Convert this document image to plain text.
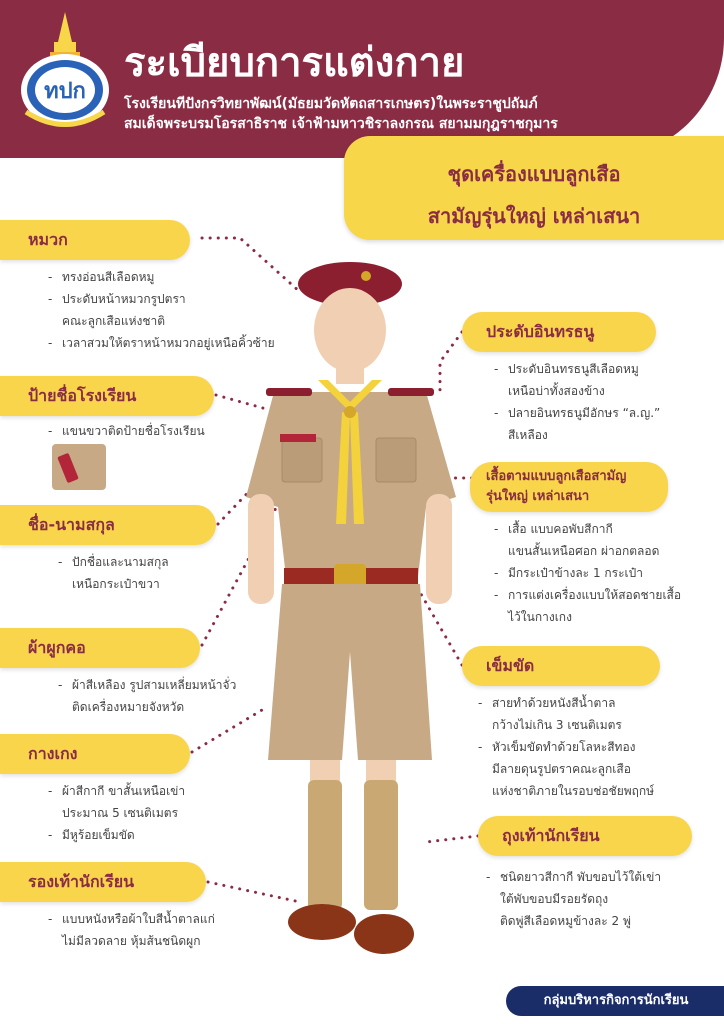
ทปก
ระเบียบการแต่งกาย
โรงเรียนทีปังกรวิทยาพัฒน์(มัธยมวัดหัตถสารเกษตร)ในพระราชูปถัมภ์
สมเด็จพระบรมโอรสาธิราช เจ้าฟ้ามหาวชิราลงกรณ สยามมกุฎราชกุมาร
ชุดเครื่องแบบลูกเสือ
สามัญรุ่นใหญ่ เหล่าเสนา
หมวก
- ทรงอ่อนสีเลือดหมู
- ประดับหน้าหมวกรูปตรา
คณะลูกเสือแห่งชาติ
- เวลาสวมให้ตราหน้าหมวกอยู่เหนือคิ้วซ้าย
ป้ายชื่อโรงเรียน
- แขนขวาติดป้ายชื่อโรงเรียน
ชื่อ-นามสกุล
- ปักชื่อและนามสกุล
เหนือกระเป๋าขวา
ผ้าผูกคอ
- ผ้าสีเหลือง รูปสามเหลี่ยมหน้าจั่ว
ติดเครื่องหมายจังหวัด
กางเกง
- ผ้าสีกากี ขาสั้นเหนือเข่า
ประมาณ 5 เซนติเมตร
- มีหูร้อยเข็มขัด
รองเท้านักเรียน
- แบบหนังหรือผ้าใบสีน้ำตาลแก่
ไม่มีลวดลาย หุ้มส้นชนิดผูก
ประดับอินทรธนู
- ประดับอินทรธนูสีเลือดหมู
เหนือบ่าทั้งสองข้าง
- ปลายอินทรธนูมีอักษร “ล.ญ.”
สีเหลือง
เสื้อตามแบบลูกเสือสามัญ
รุ่นใหญ่ เหล่าเสนา
- เสื้อ แบบคอพับสีกากี
แขนสั้นเหนือศอก ผ่าอกตลอด
- มีกระเป๋าข้างละ 1 กระเป๋า
- การแต่งเครื่องแบบให้สอดชายเสื้อ
ไว้ในกางเกง
เข็มขัด
- สายทำด้วยหนังสีน้ำตาล
กว้างไม่เกิน 3 เซนติเมตร
- หัวเข็มขัดทำด้วยโลหะสีทอง
มีลายดุนรูปตราคณะลูกเสือ
แห่งชาติภายในรอบช่อชัยพฤกษ์
ถุงเท้านักเรียน
- ชนิดยาวสีกากี พับขอบไว้ใต้เข่า
ใต้พับขอบมีรอยรัดถุง
ติดพู่สีเลือดหมูข้างละ 2 พู่
กลุ่มบริหารกิจการนักเรียน
